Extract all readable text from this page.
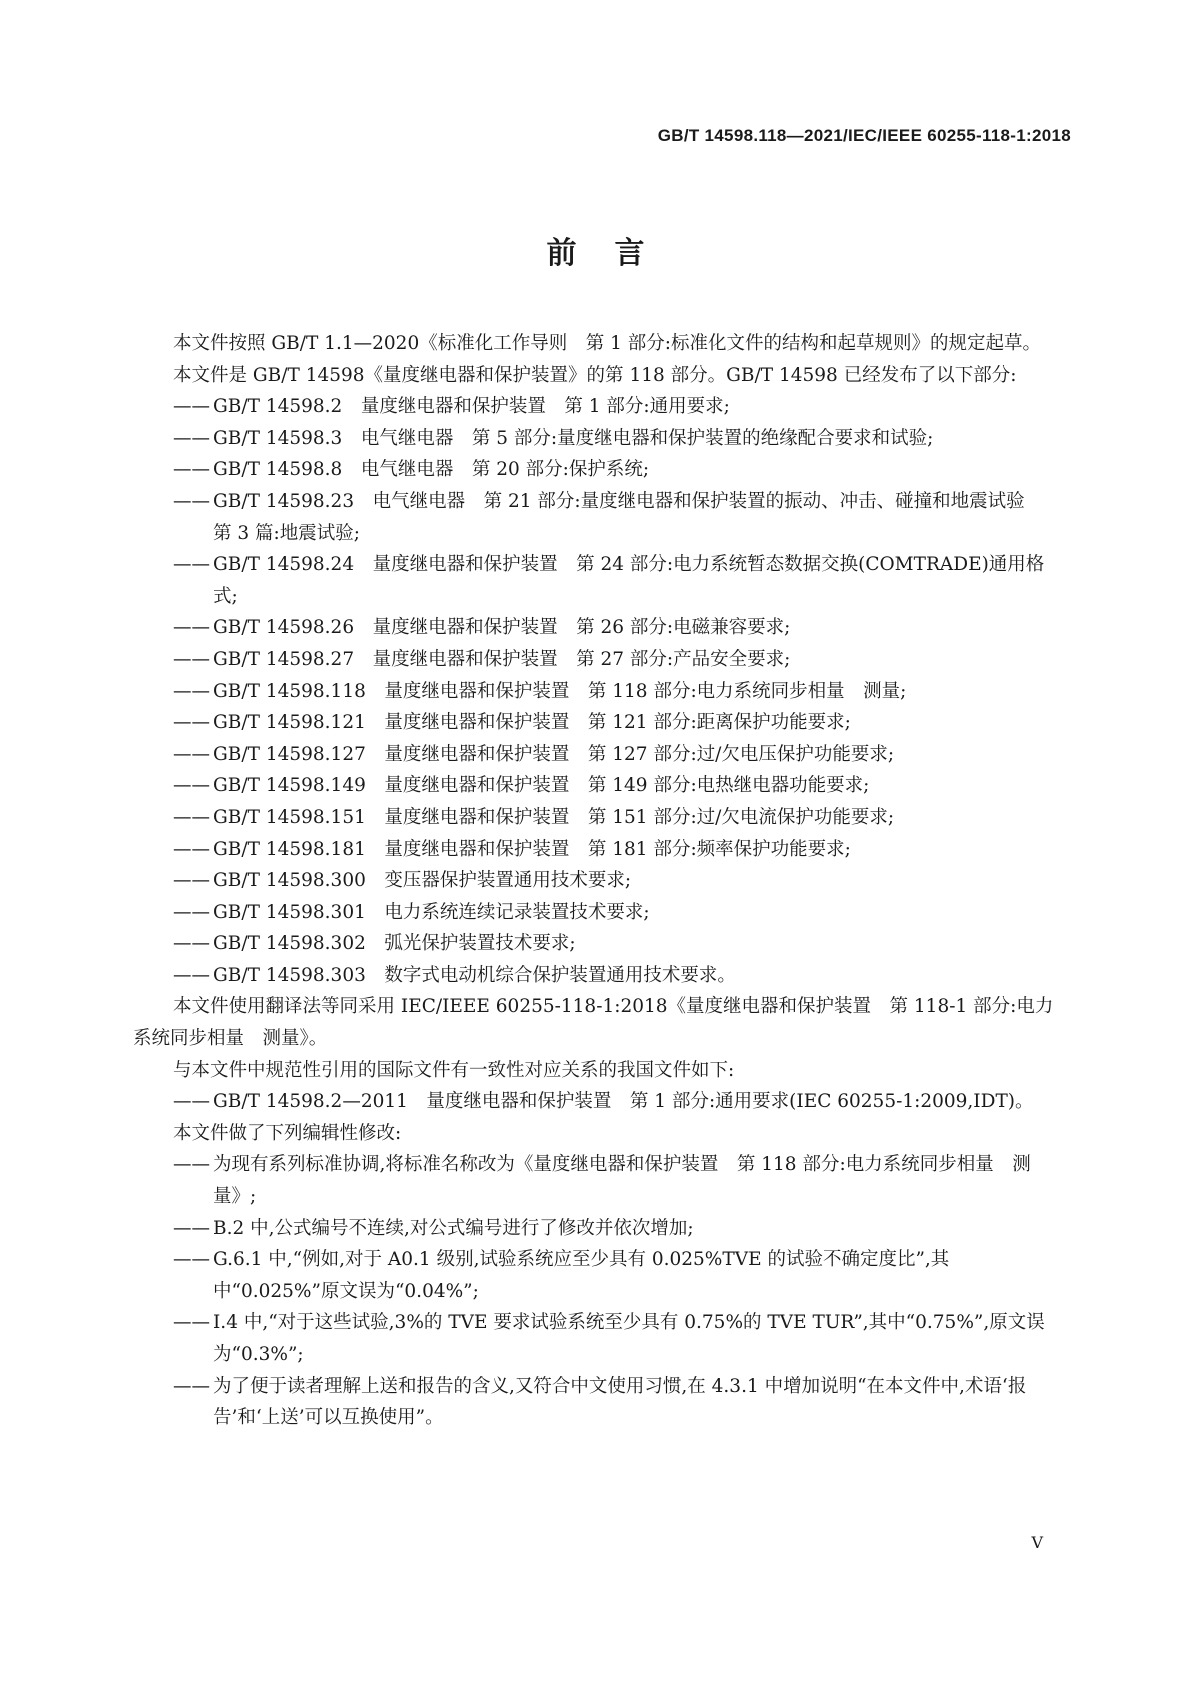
GB/T 14598.118—2021/IEC/IEEE 60255-118-1:2018
前言

本文件按照 GB/T 1.1—2020《标准化工作导则　第 1 部分:标准化文件的结构和起草规则》的规定起草。

本文件是 GB/T 14598《量度继电器和保护装置》的第 118 部分。GB/T 14598 已经发布了以下部分:

—— GB/T 14598.2　量度继电器和保护装置　第 1 部分:通用要求;

—— GB/T 14598.3　电气继电器　第 5 部分:量度继电器和保护装置的绝缘配合要求和试验;

—— GB/T 14598.8　电气继电器　第 20 部分:保护系统;

—— GB/T 14598.23　电气继电器　第 21 部分:量度继电器和保护装置的振动、冲击、碰撞和地震试验　第 3 篇:地震试验;

—— GB/T 14598.24　量度继电器和保护装置　第 24 部分:电力系统暂态数据交换(COMTRADE)通用格式;

—— GB/T 14598.26　量度继电器和保护装置　第 26 部分:电磁兼容要求;

—— GB/T 14598.27　量度继电器和保护装置　第 27 部分:产品安全要求;

—— GB/T 14598.118　量度继电器和保护装置　第 118 部分:电力系统同步相量　测量;

—— GB/T 14598.121　量度继电器和保护装置　第 121 部分:距离保护功能要求;

—— GB/T 14598.127　量度继电器和保护装置　第 127 部分:过/欠电压保护功能要求;

—— GB/T 14598.149　量度继电器和保护装置　第 149 部分:电热继电器功能要求;

—— GB/T 14598.151　量度继电器和保护装置　第 151 部分:过/欠电流保护功能要求;

—— GB/T 14598.181　量度继电器和保护装置　第 181 部分:频率保护功能要求;

—— GB/T 14598.300　变压器保护装置通用技术要求;

—— GB/T 14598.301　电力系统连续记录装置技术要求;

—— GB/T 14598.302　弧光保护装置技术要求;

—— GB/T 14598.303　数字式电动机综合保护装置通用技术要求。

本文件使用翻译法等同采用 IEC/IEEE 60255-118-1:2018《量度继电器和保护装置　第 118-1 部分:电力系统同步相量　测量》。

与本文件中规范性引用的国际文件有一致性对应关系的我国文件如下:

—— GB/T 14598.2—2011　量度继电器和保护装置　第 1 部分:通用要求(IEC 60255-1:2009,IDT)。

本文件做了下列编辑性修改:

—— 为现有系列标准协调,将标准名称改为《量度继电器和保护装置　第 118 部分:电力系统同步相量　测量》;

—— B.2 中,公式编号不连续,对公式编号进行了修改并依次增加;

—— G.6.1 中,“例如,对于 A0.1 级别,试验系统应至少具有 0.025%TVE 的试验不确定度比”,其中“0.025%”原文误为“0.04%”;

—— I.4 中,“对于这些试验,3%的 TVE 要求试验系统至少具有 0.75%的 TVE TUR”,其中“0.75%”,原文误为“0.3%”;

—— 为了便于读者理解上送和报告的含义,又符合中文使用习惯,在 4.3.1 中增加说明“在本文件中,术语‘报告’和‘上送’可以互换使用”。

V
